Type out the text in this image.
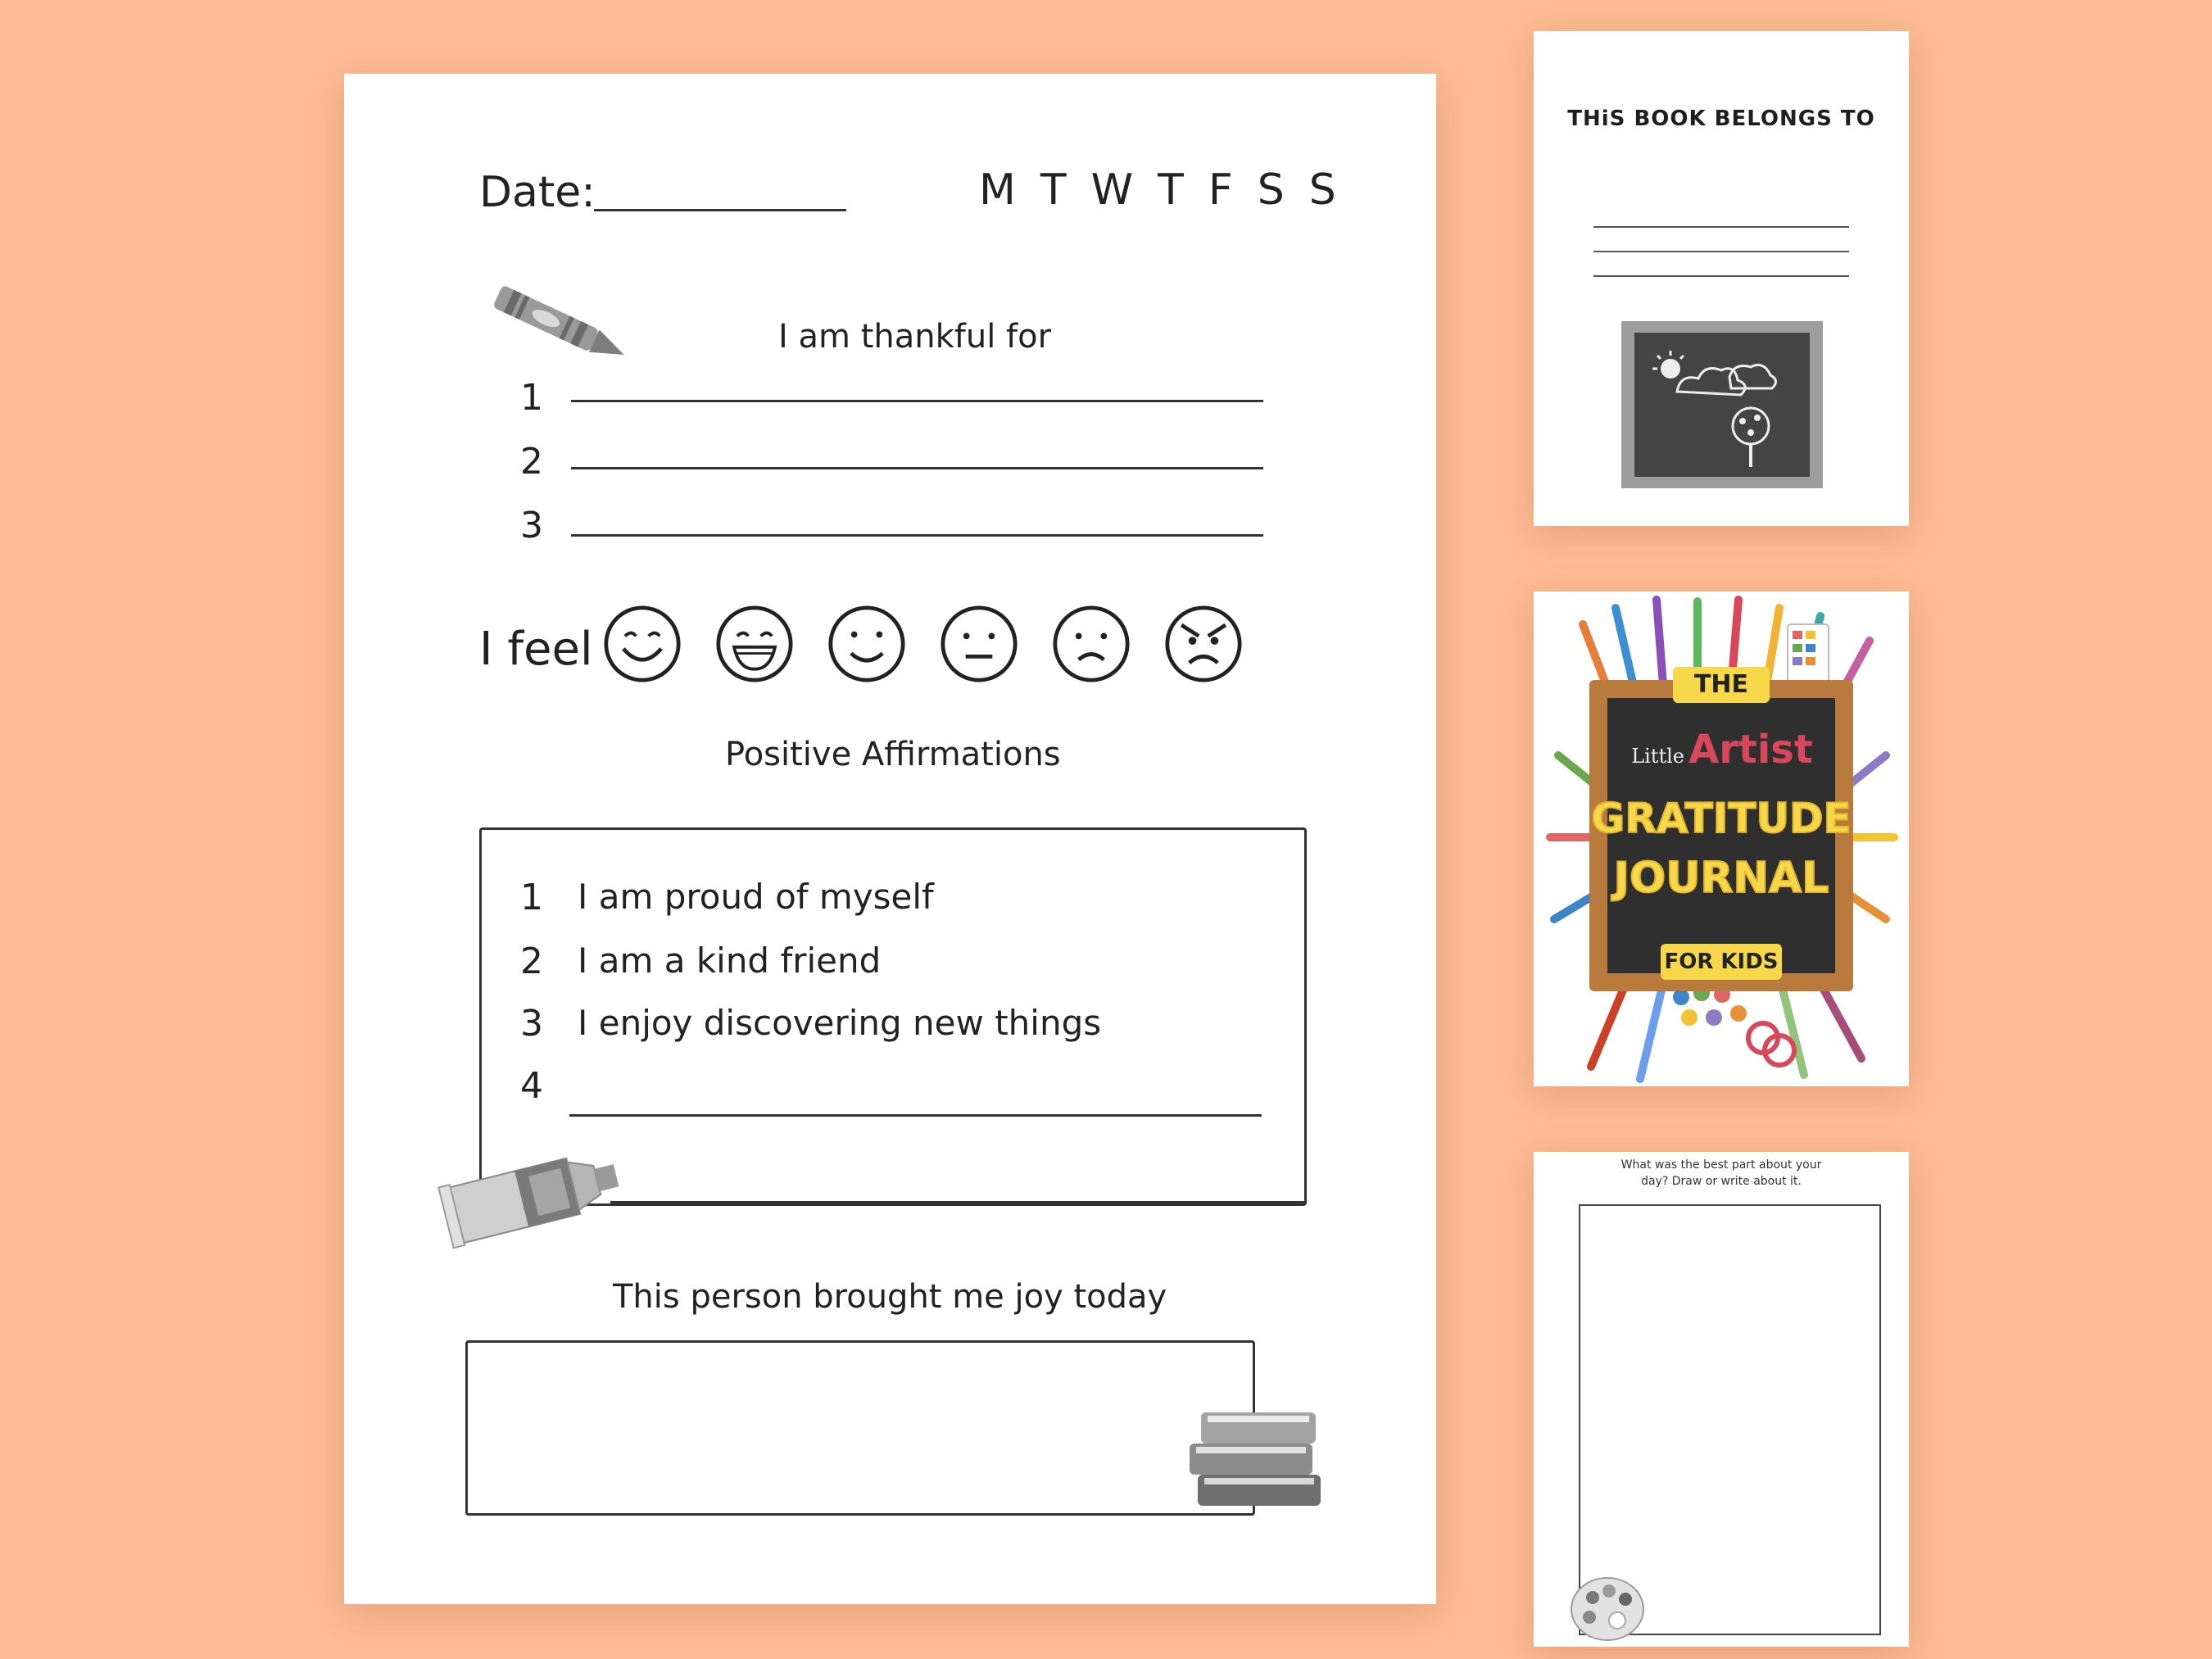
Date:	M T W T F S S
I am thankful for
1
2
3
I feel
Positive Affirmations
1 I am proud of myself
2 I am a kind friend
3 I enjoy discovering new things
4
This person brought me joy today
THiS BOOK BELONGS TO
THE
Little Artist
GRATITUDE
JOURNAL
FOR KIDS
What was the best part about your
day? Draw or write about it.
